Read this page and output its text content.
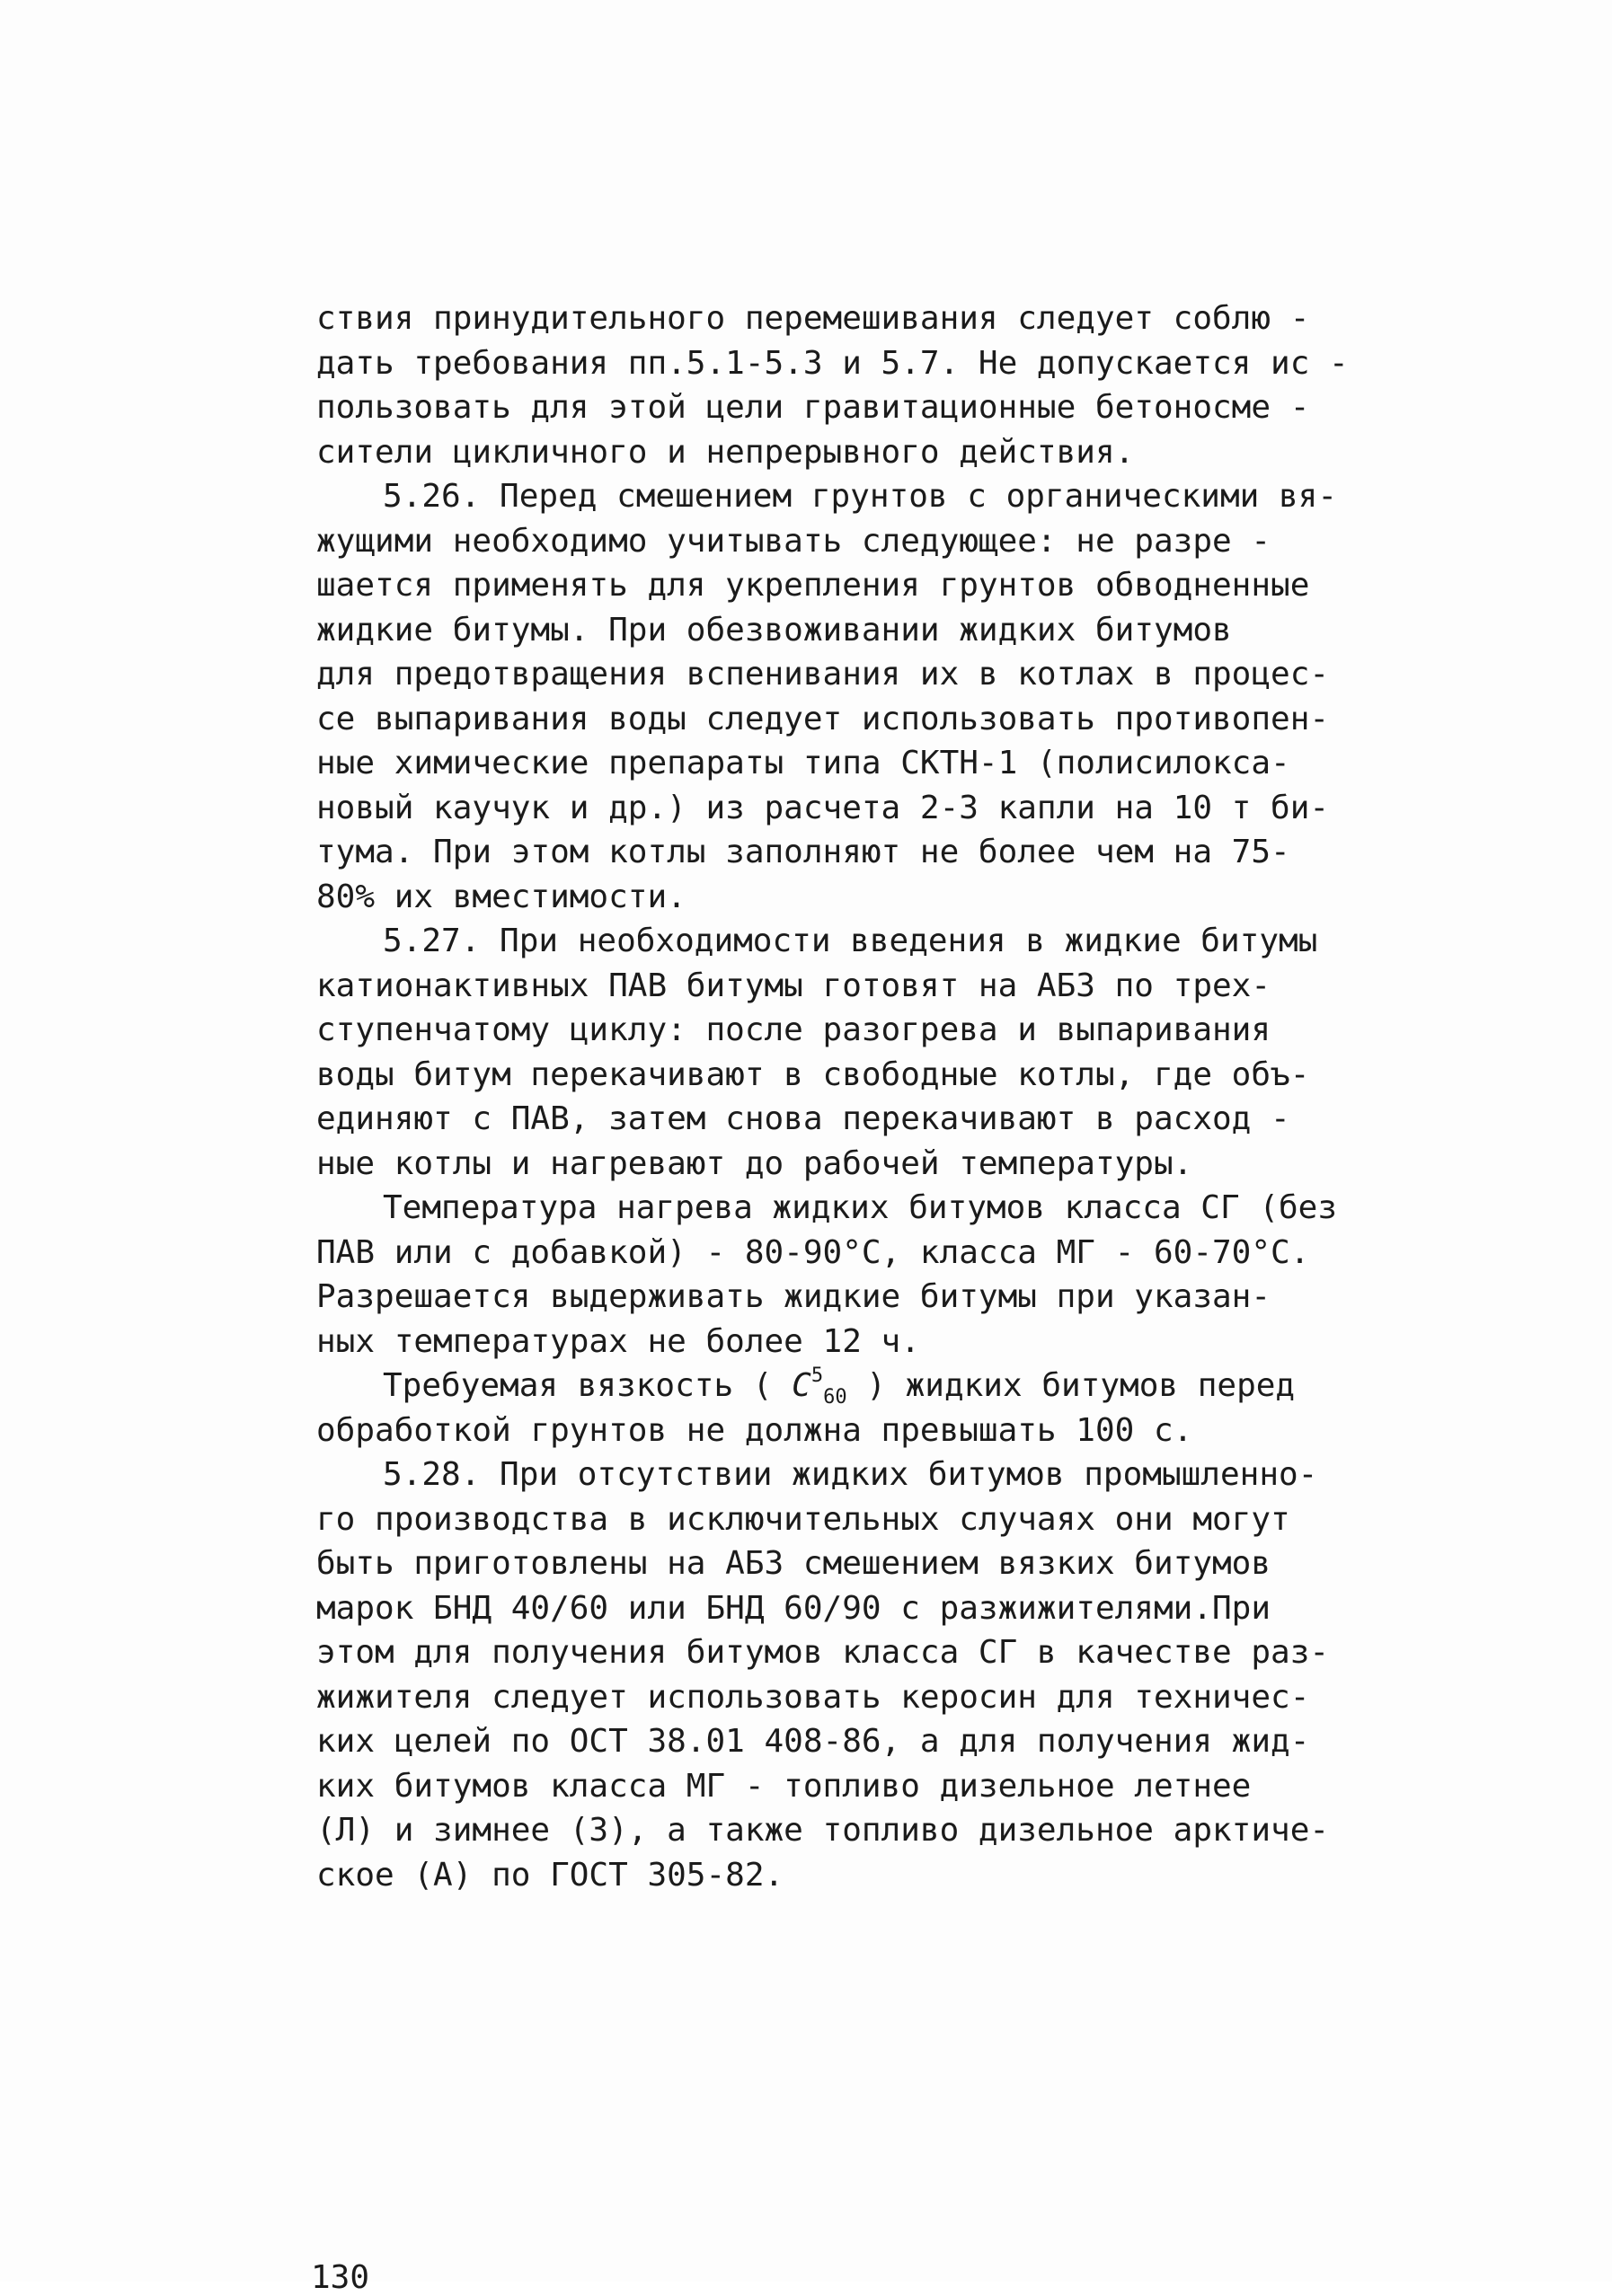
ствия принудительного перемешивания следует соблю -
дать требования пп.5.1-5.3 и 5.7. Не допускается ис -
пользовать для этой цели гравитационные бетоносме -
сители цикличного и непрерывного действия.
5.26. Перед смешением грунтов с органическими вя-
жущими необходимо учитывать следующее: не разре -
шается применять для укрепления грунтов обводненные
жидкие битумы. При обезвоживании жидких битумов
для предотвращения вспенивания их в котлах в процес-
се выпаривания воды следует использовать противопен-
ные химические препараты типа СКТН-1 (полисилокса-
новый каучук и др.) из расчета 2-3 капли на 10 т би-
тума. При этом котлы заполняют не более чем на 75-
80% их вместимости.
5.27. При необходимости введения в жидкие битумы
катионактивных ПАВ битумы готовят на АБЗ по трех-
ступенчатому циклу: после разогрева и выпаривания
воды битум перекачивают в свободные котлы, где объ-
единяют с ПАВ, затем снова перекачивают в расход -
ные котлы и нагревают до рабочей температуры.
Температура нагрева жидких битумов класса СГ (без
ПАВ или с добавкой) - 80-90°С, класса МГ - 60-70°С.
Разрешается выдерживать жидкие битумы при указан-
ных температурах не более 12 ч.
Требуемая вязкость ( $C^5_{60}$ ) жидких битумов перед
обработкой грунтов не должна превышать 100 с.
5.28. При отсутствии жидких битумов промышленно-
го производства в исключительных случаях они могут
быть приготовлены на АБЗ смешением вязких битумов
марок БНД 40/60 или БНД 60/90 с разжижителями.При
этом для получения битумов класса СГ в качестве раз-
жижителя следует использовать керосин для техничес-
ких целей по ОСТ 38.01 408-86, а для получения жид-
ких битумов класса МГ - топливо дизельное летнее
(Л) и зимнее (З), а также топливо дизельное арктиче-
ское (А) по ГОСТ 305-82.
130
